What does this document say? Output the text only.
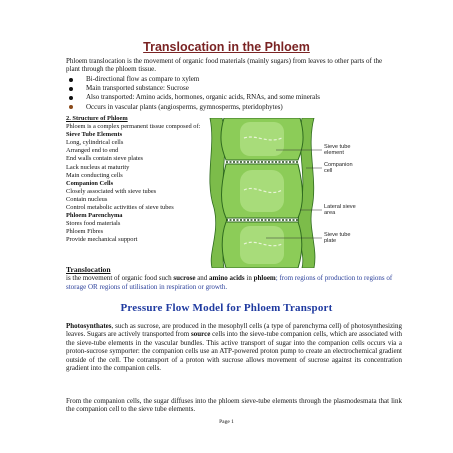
Translocation in the Phloem
Phloem translocation is the movement of organic food materials (mainly sugars) from leaves to other parts of the plant through the phloem tissue.
Bi-directional flow as compare to xylem
Main transported substance: Sucrose
Also transported: Amino acids, hormones, organic acids, RNAs, and some minerals
Occurs in vascular plants (angiosperms, gymnosperms, pteridophytes)
2. Structure of Phloem
Phloem is a complex permanent tissue composed of:
Sieve Tube Elements
Long, cylindrical cells
Arranged end to end
End walls contain sieve plates
Lack nucleus at maturity
Main conducting cells
Companion Cells
Closely associated with sieve tubes
Contain nucleus
Control metabolic activities of sieve tubes
Phloem Parenchyma
Stores food materials
Phloem Fibres
Provide mechanical support
Sieve tube element
Companion cell
Lateral sieve area
Sieve tube plate
Translocation
is the movement of organic food such sucrose and amino acids in phloem; from regions of production to regions of storage OR regions of utilisation in respiration or growth.
Pressure Flow Model for Phloem Transport
Photosynthates, such as sucrose, are produced in the mesophyll cells (a type of parenchyma cell) of photosynthesizing leaves. Sugars are actively transported from source cells into the sieve-tube companion cells, which are associated with the sieve-tube elements in the vascular bundles. This active transport of sugar into the companion cells occurs via a proton-sucrose symporter: the companion cells use an ATP-powered proton pump to create an electrochemical gradient outside of the cell. The cotransport of a proton with sucrose allows movement of sucrose against its concentration gradient into the companion cells.
From the companion cells, the sugar diffuses into the phloem sieve-tube elements through the plasmodesmata that link the companion cell to the sieve tube elements.
Page 1
